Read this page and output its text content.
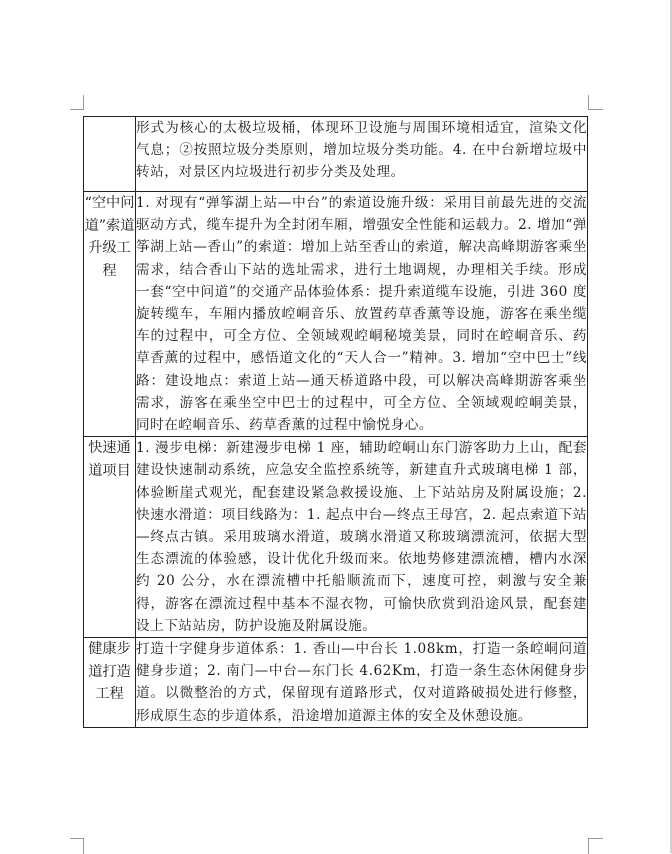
	形式为核心的太极垃圾桶，体现环卫设施与周围环境相适宜，渲染文化气息；②按照垃圾分类原则，增加垃圾分类功能。4. 在中台新增垃圾中转站，对景区内垃圾进行初步分类及处理。
“空中问道”索道升级工程	1. 对现有“弹筝湖上站—中台”的索道设施升级：采用目前最先进的交流驱动方式，缆车提升为全封闭车厢，增强安全性能和运载力。2. 增加“弹筝湖上站—香山”的索道：增加上站至香山的索道，解决高峰期游客乘坐需求，结合香山下站的选址需求，进行土地调规，办理相关手续。形成一套“空中问道”的交通产品体验体系：提升索道缆车设施，引进 360 度旋转缆车，车厢内播放崆峒音乐、放置药草香薰等设施，游客在乘坐缆车的过程中，可全方位、全领域观崆峒秘境美景，同时在崆峒音乐、药草香薰的过程中，感悟道文化的“天人合一”精神。3. 增加“空中巴士”线路：建设地点：索道上站—通天桥道路中段，可以解决高峰期游客乘坐需求，游客在乘坐空中巴士的过程中，可全方位、全领域观崆峒美景，同时在崆峒音乐、药草香薰的过程中愉悦身心。
快速通道项目	1. 漫步电梯：新建漫步电梯 1 座，辅助崆峒山东门游客助力上山，配套建设快速制动系统，应急安全监控系统等，新建直升式玻璃电梯 1 部，体验断崖式观光，配套建设紧急救援设施、上下站站房及附属设施；2. 快速水滑道：项目线路为：1. 起点中台—终点王母宫，2. 起点索道下站—终点古镇。采用玻璃水滑道，玻璃水滑道又称玻璃漂流河，依据大型生态漂流的体验感，设计优化升级而来。依地势修建漂流槽，槽内水深约 20 公分，水在漂流槽中托船顺流而下，速度可控，刺激与安全兼得，游客在漂流过程中基本不湿衣物，可愉快欣赏到沿途风景，配套建设上下站站房，防护设施及附属设施。
健康步道打造工程	打造十字健身步道体系：1. 香山—中台长 1.08km，打造一条崆峒问道健身步道；2. 南门—中台—东门长 4.62Km，打造一条生态休闲健身步道。以微整治的方式，保留现有道路形式，仅对道路破损处进行修整，形成原生态的步道体系，沿途增加道源主体的安全及休憩设施。
